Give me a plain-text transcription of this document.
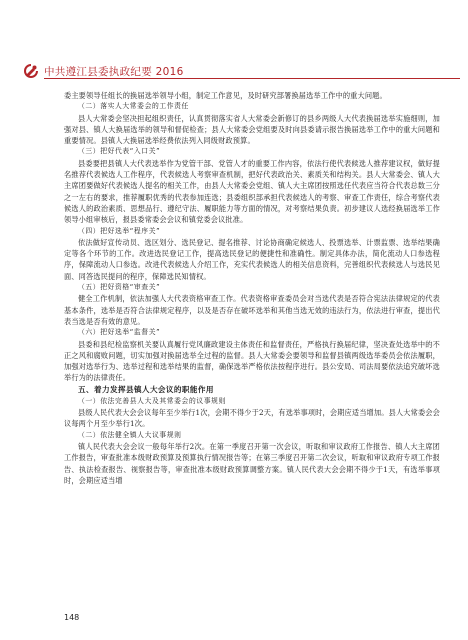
中共遵江县委执政纪要 2016
委主要领导任组长的换届选举领导小组，制定工作意见，及时研究部署换届选举工作中的重大问题。
（二）落实人大常委会的工作责任
县人大常委会坚决担起组织责任，认真贯彻落实省人大常委会新修订的县乡两级人大代表换届选举实施细则，加强对县、镇人大换届选举的领导和督促检查；县人大常委会党组要及时向县委请示报告换届选举工作中的重大问题和重要情况。县镇人大换届选举经费依法列入同级财政预算。
（三）把好代表“入口关”
县委要把县镇人大代表选举作为党管干部、党管人才的重要工作内容，依法行使代表候选人推荐建议权，做好提名推荐代表候选人工作程序，代表候选人考察审查机制，把好代表政治关、素质关和结构关。县人大常委会、镇人大主席团要做好代表候选人提名的相关工作，由县人大常委会党组、镇人大主席团按照选任代表应当符合代表总数三分之一左右的要求，推荐履职优秀的代表参加连选；县委组织部承担代表候选人的考察、审查工作责任，综合考察代表候选人的政治素质、思想品行、遵纪守法、履职能力等方面的情况，对考察结果负责。初步建议人选经换届选举工作领导小组审核后，报县委常委会会议和镇党委会议批准。
（四）把好选举“程序关”
依法做好宣传动员、选区划分、选民登记、提名推荐、讨论协商确定候选人、投票选举、计票监票、选举结果确定等各个环节的工作。改进选民登记工作，提高选民登记的便捷性和准确性。制定具体办法，简化流动人口参选程序，保障流动人口参选。改进代表候选人介绍工作，充实代表候选人的相关信息资料，完善组织代表候选人与选民见面、同答选民提问的程序，保障选民知情权。
（五）把好资格“审查关”
健全工作机制，依法加强人大代表资格审查工作。代表资格审查委员会对当选代表是否符合宪法法律规定的代表基本条件，选举是否符合法律规定程序，以及是否存在破坏选举和其他当选无效的违法行为，依法进行审查，提出代表当选是否有效的意见。
（六）把好选举“监督关”
县委和县纪检监察机关要认真履行党风廉政建设主体责任和监督责任，严格执行换届纪律，坚决查处选举中的不正之风和腐败问题，切实加强对换届选举全过程的监督。县人大常委会要领导和监督县镇两级选举委员会依法履职，加强对选举行为、选举过程和选举结果的监督，确保选举严格依法按程序进行。县公安局、司法局要依法追究破坏选举行为的法律责任。
五、着力发挥县镇人大会议的职能作用
（一）依法完善县人大及其常委会的议事规则
县级人民代表大会会议每年至少举行1次，会期不得少于2天，有选举事项时，会期应适当增加。县人大常委会会议每两个月至少举行1次。
（二）依法健全镇人大议事规则
镇人民代表大会会议一般每年举行2次。在第一季度召开第一次会议，听取和审议政府工作报告、镇人大主席团工作报告，审查批准本级财政预算及预算执行情况报告等；在第三季度召开第二次会议，听取和审议政府专项工作报告、执法检查报告、视察报告等，审查批准本级财政预算调整方案。镇人民代表大会会期不得少于1天，有选举事项时，会期应适当增
148
